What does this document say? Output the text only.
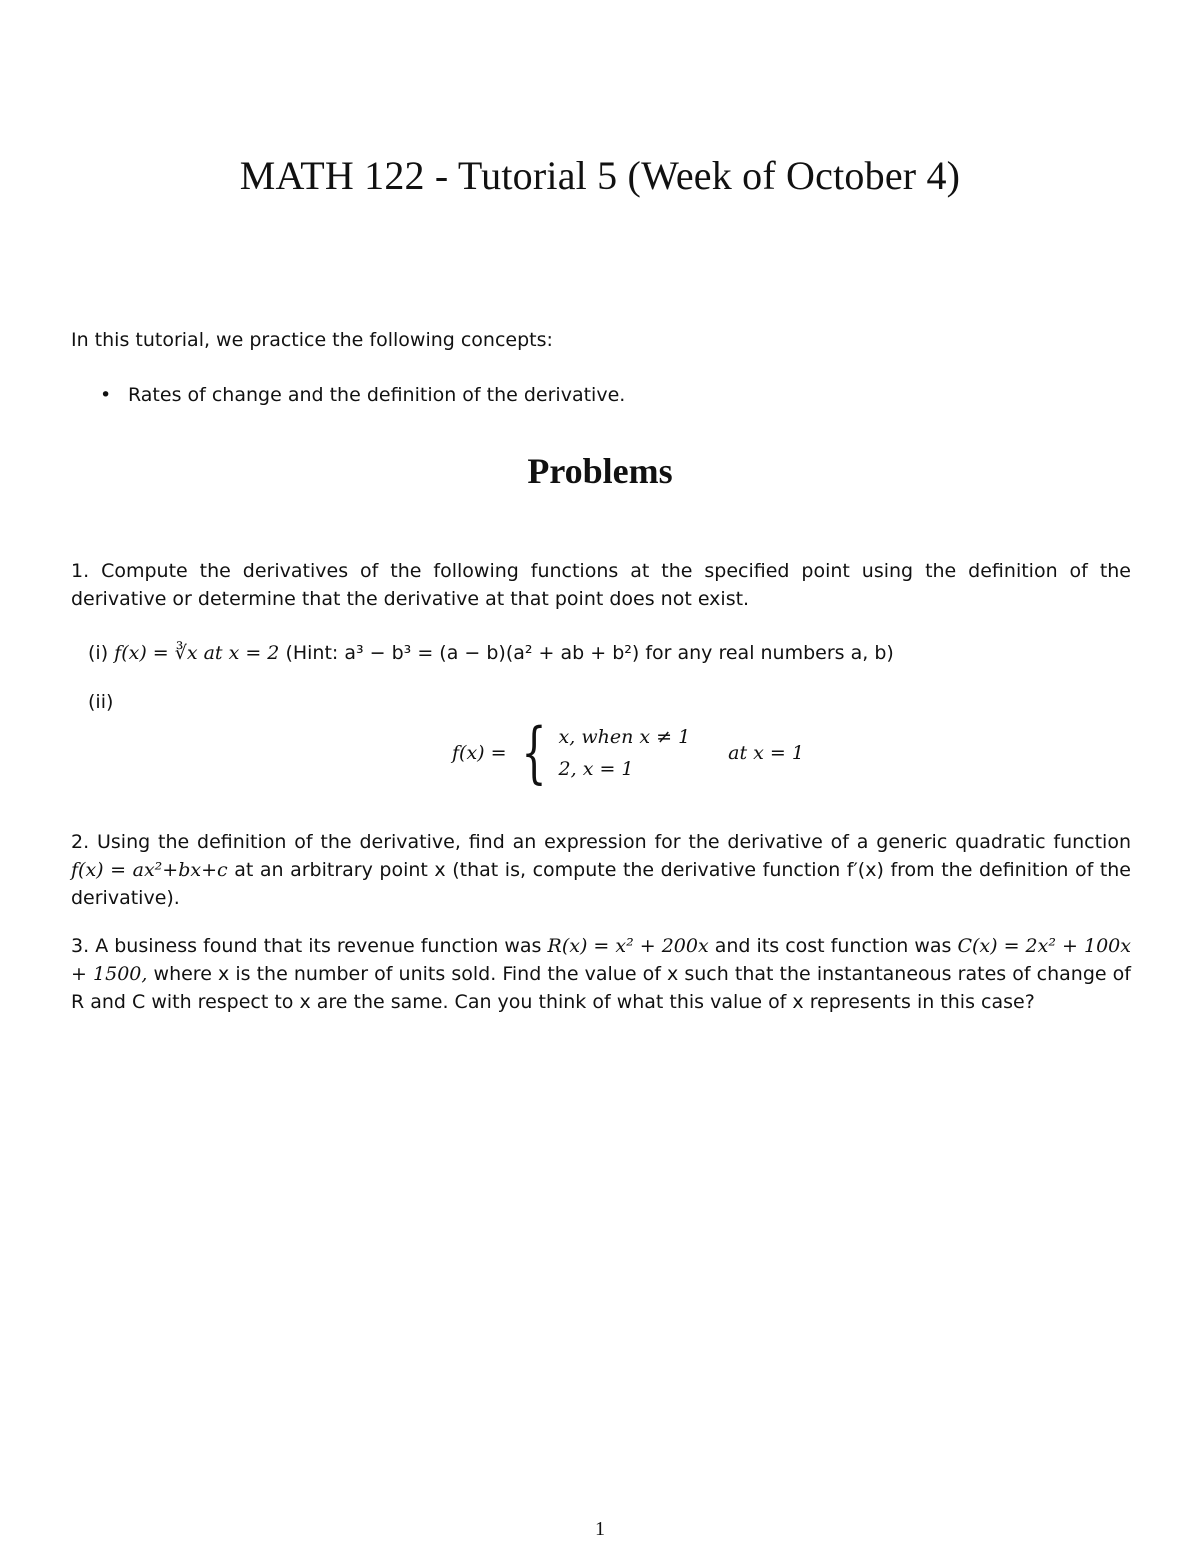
MATH 122 - Tutorial 5 (Week of October 4)
In this tutorial, we practice the following concepts:
• Rates of change and the definition of the derivative.
Problems
1. Compute the derivatives of the following functions at the specified point using the definition of the derivative or determine that the derivative at that point does not exist.
(i) f(x) = ∛x at x = 2 (Hint: a³ − b³ = (a − b)(a² + ab + b²) for any real numbers a, b)
(ii)
f(x) = { x, when x ≠ 1
2, x = 1
at x = 1
2. Using the definition of the derivative, find an expression for the derivative of a generic quadratic function f(x) = ax²+bx+c at an arbitrary point x (that is, compute the derivative function f′(x) from the definition of the derivative).
3. A business found that its revenue function was R(x) = x² + 200x and its cost function was C(x) = 2x² + 100x + 1500, where x is the number of units sold. Find the value of x such that the instantaneous rates of change of R and C with respect to x are the same. Can you think of what this value of x represents in this case?
1
